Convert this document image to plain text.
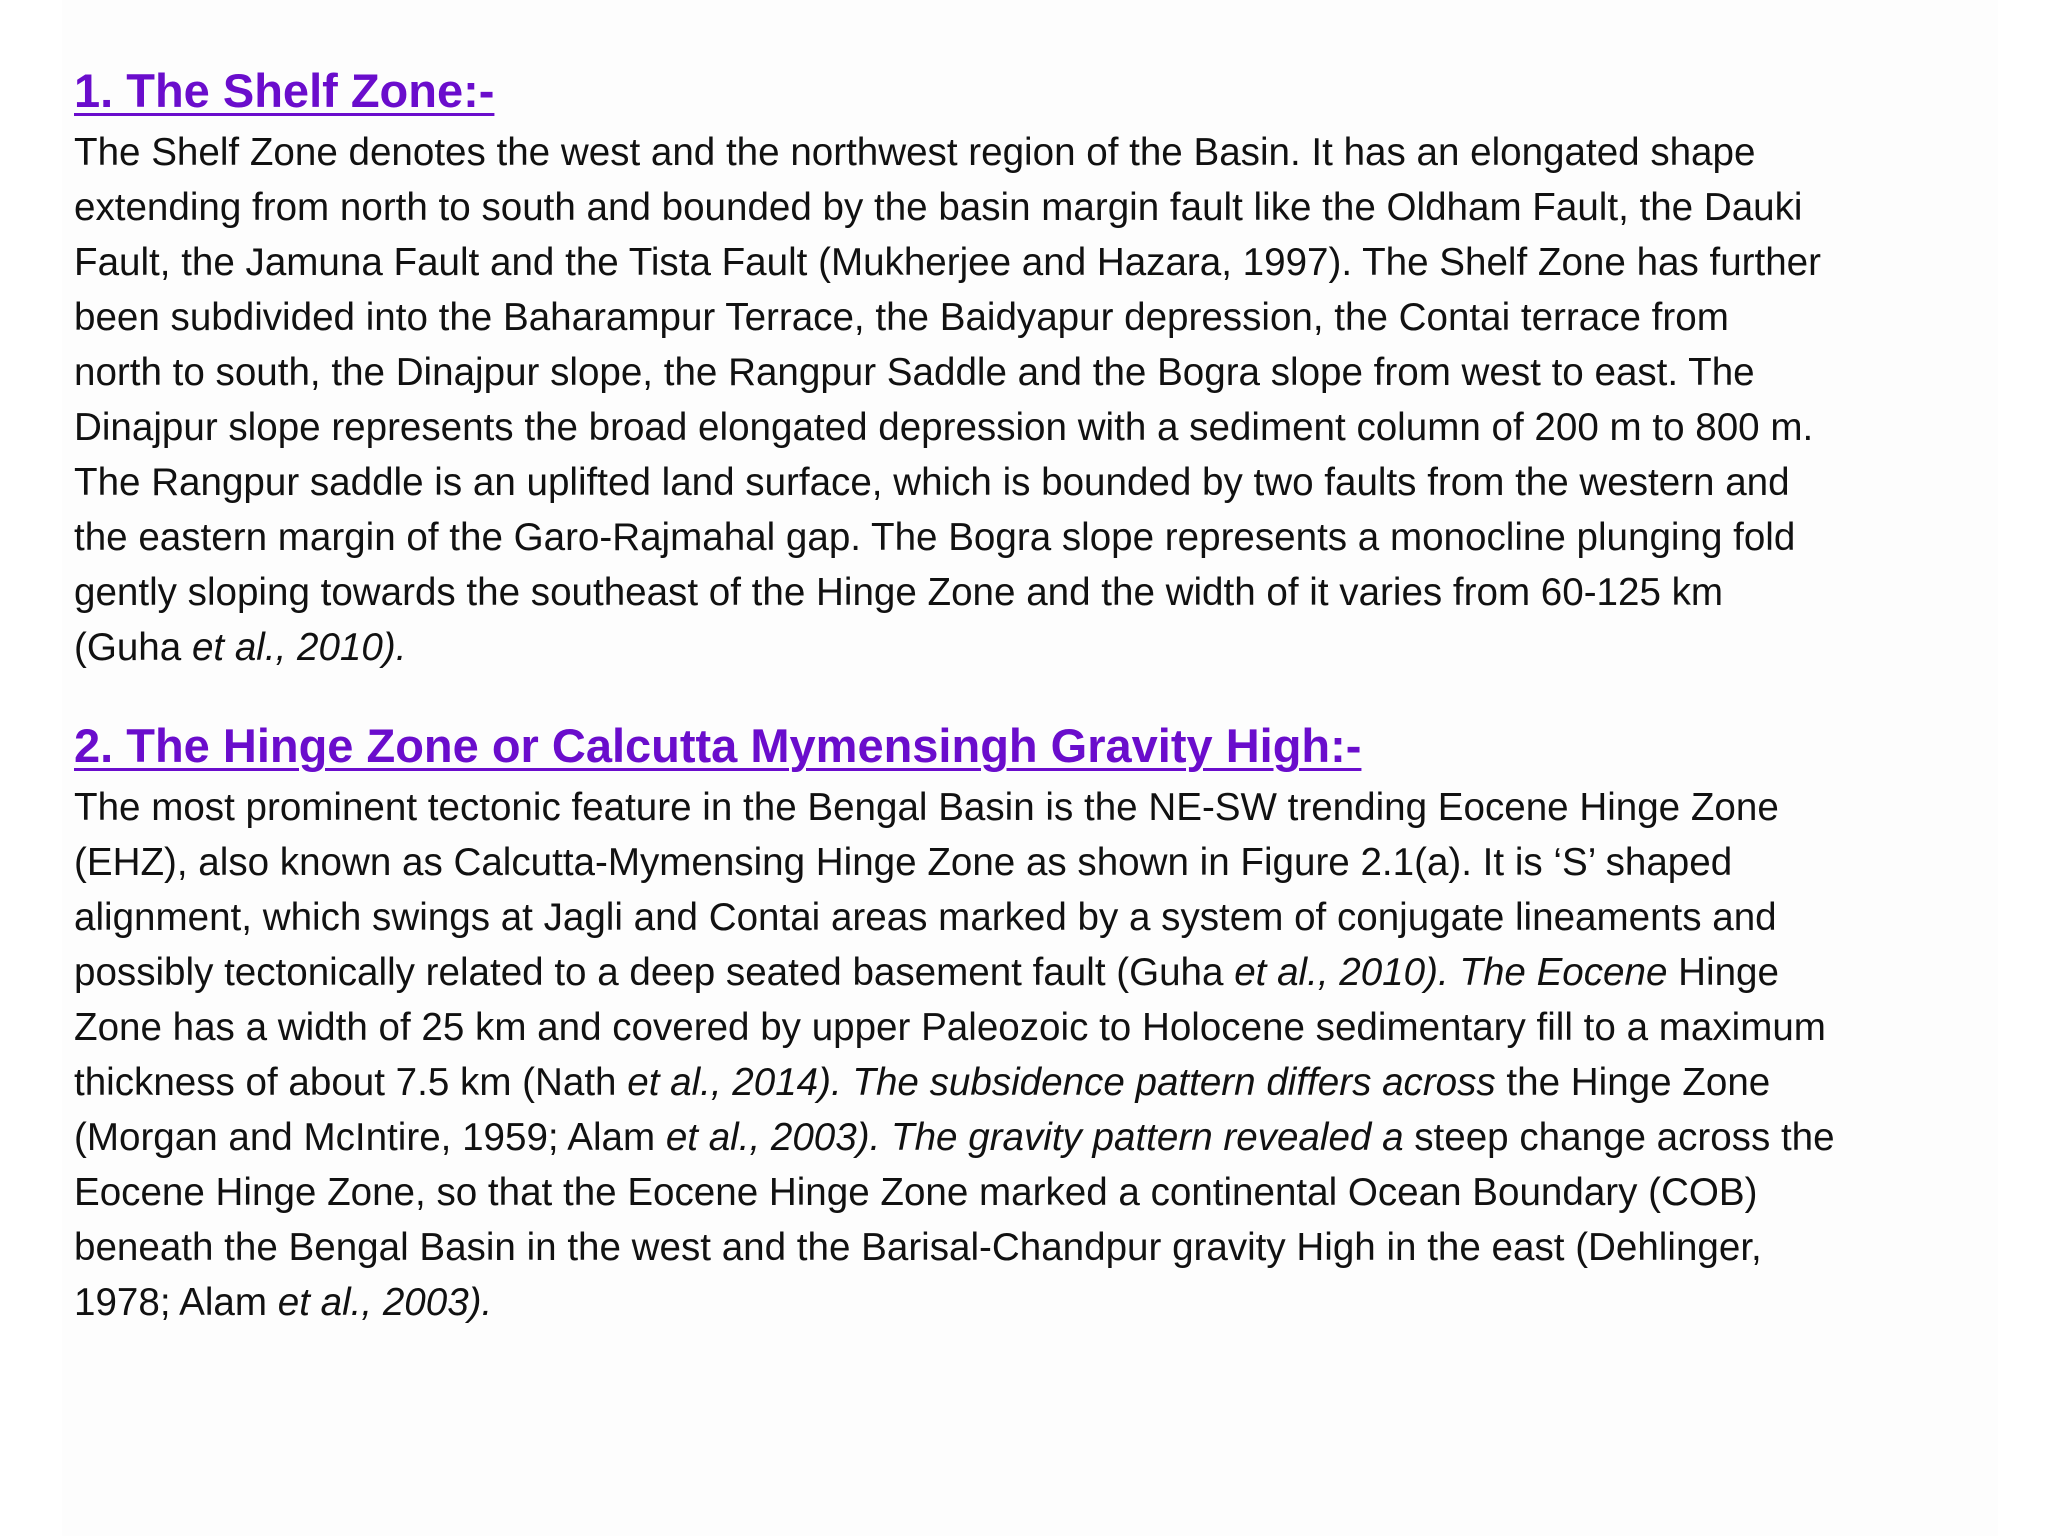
1. The Shelf Zone:-

The Shelf Zone denotes the west and the northwest region of the Basin. It has an elongated shape
extending from north to south and bounded by the basin margin fault like the Oldham Fault, the Dauki
Fault, the Jamuna Fault and the Tista Fault (Mukherjee and Hazara, 1997). The Shelf Zone has further
been subdivided into the Baharampur Terrace, the Baidyapur depression, the Contai terrace from
north to south, the Dinajpur slope, the Rangpur Saddle and the Bogra slope from west to east. The
Dinajpur slope represents the broad elongated depression with a sediment column of 200 m to 800 m.
The Rangpur saddle is an uplifted land surface, which is bounded by two faults from the western and
the eastern margin of the Garo-Rajmahal gap. The Bogra slope represents a monocline plunging fold
gently sloping towards the southeast of the Hinge Zone and the width of it varies from 60-125 km
(Guha et al., 2010).

2. The Hinge Zone or Calcutta Mymensingh Gravity High:-

The most prominent tectonic feature in the Bengal Basin is the NE-SW trending Eocene Hinge Zone
(EHZ), also known as Calcutta-Mymensing Hinge Zone as shown in Figure 2.1(a). It is ‘S’ shaped
alignment, which swings at Jagli and Contai areas marked by a system of conjugate lineaments and
possibly tectonically related to a deep seated basement fault (Guha et al., 2010). The Eocene Hinge
Zone has a width of 25 km and covered by upper Paleozoic to Holocene sedimentary fill to a maximum
thickness of about 7.5 km (Nath et al., 2014). The subsidence pattern differs across the Hinge Zone
(Morgan and McIntire, 1959; Alam et al., 2003). The gravity pattern revealed a steep change across the
Eocene Hinge Zone, so that the Eocene Hinge Zone marked a continental Ocean Boundary (COB)
beneath the Bengal Basin in the west and the Barisal-Chandpur gravity High in the east (Dehlinger,
1978; Alam et al., 2003).
